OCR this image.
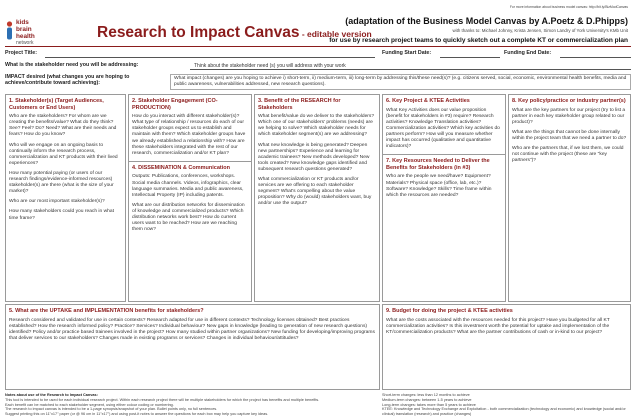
kids
brain
health
network
Research to Impact Canvas - editable version
For more information about business model canvas: http://bit.ly/BizModCanvas
(adaptation of the Business Model Canvas by A.Poetz & D.Phipps)
with thanks to: Michael Johnny, Krista Jensen, Simon Landry of York University's KMb Unit
for use by research project teams to quickly sketch out a complete KT or commercialization plan
Project Title:	Funding Start Date:	Funding End Date:
What is the stakeholder need you will be addressing:	Think about the stakeholder need (s) you will address with your work
IMPACT desired (what changes you are hoping to achieve/contribute toward achieving):
What impact (changes) are you hoping to achieve i) short-term, ii) medium-term, iii) long-term by addressing this/these need(s)? (e.g. citizens served, social, economic, environmental health benefits, media and public awareness, vulnerabilities addressed, new research questions).
1. Stakeholder(s) (Target Audiences, Customers or End Users)

Who are the stakeholders? For whom are we creating the benefits/value? What do they think? See? Feel? Do? Need? What are their needs and fears? How do you know?

Who will we engage on an ongoing basis to continually inform the research process, commercialization and KT products with their lived experiences?

How many potential paying (or users of our research findings/evidence-informed resources) stakeholder(s) are there (what is the size of your market)?

Who are our most important stakeholder(s)?

How many stakeholders could you reach in what time frame?

2. Stakeholder Engagement (CO-PRODUCTION)

How do you interact with different stakeholder(s)? What type of relationship / resources do each of our stakeholder groups expect us to establish and maintain with them? Which stakeholder groups have we already established a relationship with? How are these stakeholders integrated with the rest of our research, commercialization and/or KT plan?

4. DISSEMINATION & Communication

Outputs: Publications, conferences, workshops. Social media channels. Videos, infographics, clear language summaries. Media and public awareness, Intellectual Property (IP) including patents.

What are our distribution networks for dissemination of knowledge and commercialized products? Which distribution networks work best? How do current users want to be reached? How are we reaching them now?

3. Benefit of the RESEARCH for Stakeholders

What benefit/value do we deliver to the stakeholders? Which one of our stakeholders' problems (needs) are we helping to solve? Which stakeholder needs for which stakeholder segment(s) are we addressing?

What new knowledge is being generated? Deepen new partnerships? Experience and learning for academic trainees? New methods developed? New tools created? New knowledge gaps identified and subsequent research questions generated?

What commercialization or KT products and/or services are we offering to each stakeholder segment? What's compelling about the value proposition? Why do (would) stakeholders want, buy and/or use the output?

6. Key Project & KTEE Activities

What Key Activities does our value proposition (benefit for stakeholders in #3) require? Research activities? Knowledge Translation activities? Commercialization activities? Which key activities do partners perform? How will you measure whether impact has occurred (qualitative and quantitative indicators)?

7. Key Resources Needed to Deliver the Benefits for Stakeholders (in #3)

Who are the people we need/have? Equipment? Materials? Physical space (office, lab, etc.)? Software? Knowledge? Skills? Time frame within which the resources are needed?

8. Key policy/practice or industry partner(s)

What are the key partners for our project (try to list a partner in each key stakeholder group related to our product)?

What are the things that cannot be done internally within the project team that we need a partner to do?

Who are the partners that, if we lost them, we could not continue with the project (these are "key partners")?

5. What are the UPTAKE and IMPLEMENTATION benefits for stakeholders?

Research considered and validated for use in certain contexts? Research adapted for use in different contexts? Technology licenses obtained? Best practices established? How the research informed policy? Practice? Services? Individual behaviour? New gaps in knowledge (leading to generation of new research questions) identified? Policy and/or practice based trainees involved in the project? How many studied within partner organizations? New funding for developing/improving programs that deliver services to our stakeholders? Changes made in existing programs or services? Changes in individual behaviour/attitudes?

9. Budget for doing the project & KTEE activities

What are the costs associated with the resources needed for this project? Have you budgeted for all KT commercialization activities? Is this investment worth the potential for uptake and implementation of the KT/commercialization products? What are the partner contributions of cash or in-kind to our project?

Notes about use of the Research to Impact Canvas:
This tool is intended to be used for each individual research project. Within each research project there will be multiple stakeholders for which the project has benefits and multiple benefits.
Each benefit can be matched to each stakeholder segment, using either colour coding or numbering.
The research to impact canvas is intended to be a 1-page synopsis/snapshot of your plan. Bullet points only, no full sentences.
Suggest printing this on 11"x17" paper (or @ 96 cm in 11"x17") and using post-it notes to answer the questions for each box may help you capture key ideas.
Short-term changes: less than 12 months to achieve
Medium-term changes: between 1-5 years to achieve
Long-term changes: takes more than 5 years to achieve
KTEE: Knowledge and Technology Exchange and Exploitation - both commercialization (technology and economic) and knowledge (social and/or clinical) translation (research) and practice (changes)
